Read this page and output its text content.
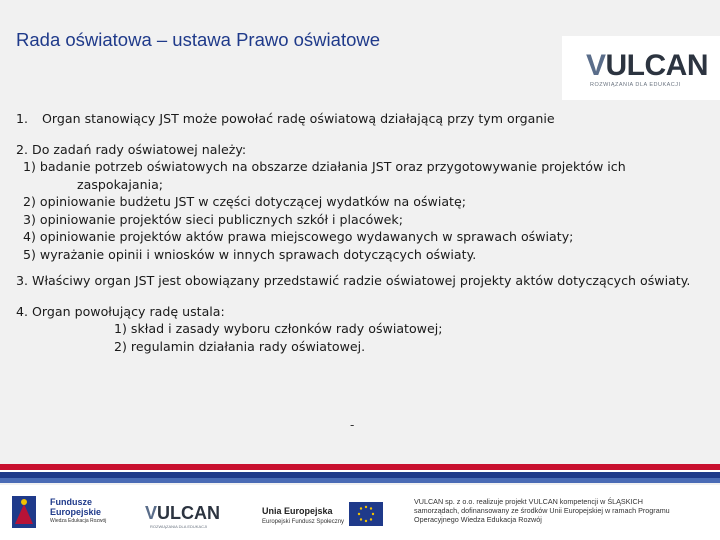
Rada oświatowa – ustawa Prawo oświatowe
VULCAN
ROZWIĄZANIA DLA EDUKACJI
1. Organ stanowiący JST może powołać radę oświatową działającą przy tym organie
2. Do zadań rady oświatowej należy:
1) badanie potrzeb oświatowych na obszarze działania JST oraz przygotowywanie projektów ich
zaspokajania;
2) opiniowanie budżetu JST w części dotyczącej wydatków na oświatę;
3) opiniowanie projektów sieci publicznych szkół i placówek;
4) opiniowanie projektów aktów prawa miejscowego wydawanych w sprawach oświaty;
5) wyrażanie opinii i wniosków w innych sprawach dotyczących oświaty.
3. Właściwy organ JST jest obowiązany przedstawić radzie oświatowej projekty aktów dotyczących oświaty.
4. Organ powołujący radę ustala:
1) skład i zasady wyboru członków rady oświatowej;
2) regulamin działania rady oświatowej.
-
Fundusze
Europejskie
Wiedza Edukacja Rozwój VULCAN
ROZWIĄZANIA DLA EDUKACJI
Unia Europejska
Europejski Fundusz Społeczny
VULCAN sp. z o.o. realizuje projekt VULCAN kompetencji w ŚLĄSKICH
samorządach, dofinansowany ze środków Unii Europejskiej w ramach Programu
Operacyjnego Wiedza Edukacja Rozwój
